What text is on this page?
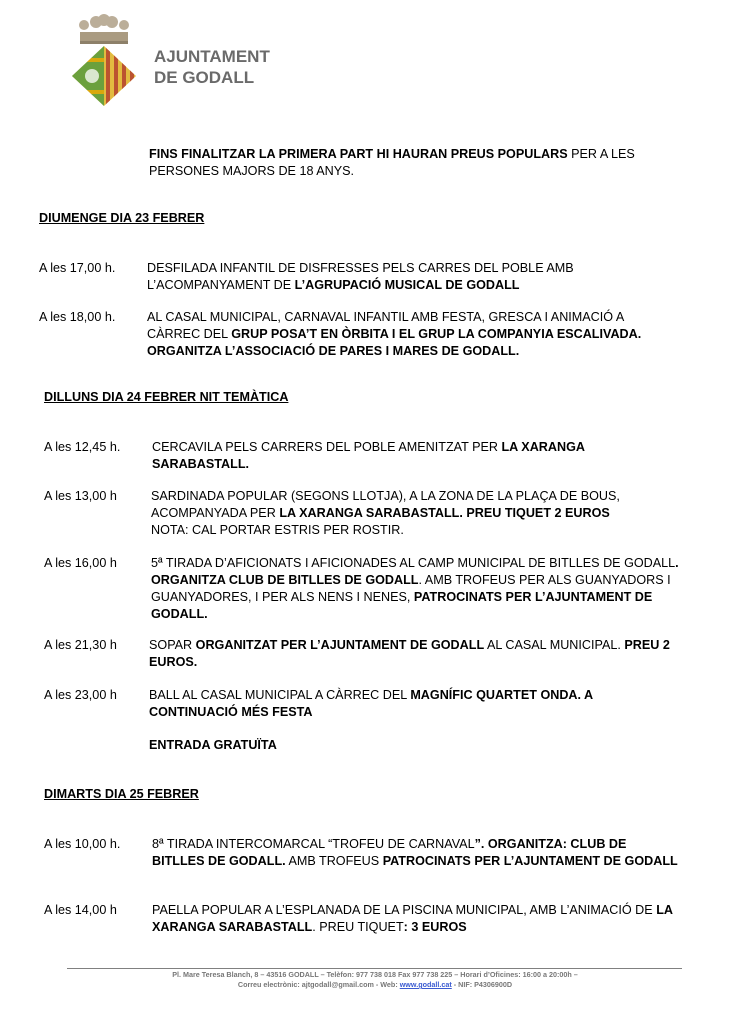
AJUNTAMENT
DE GODALL
FINS FINALITZAR LA PRIMERA PART HI HAURAN PREUS POPULARS PER A LES PERSONES MAJORS DE 18 ANYS.
DIUMENGE DIA 23 FEBRER
A les 17,00 h.	DESFILADA INFANTIL DE DISFRESSES PELS CARRES DEL POBLE AMB L’ACOMPANYAMENT DE L’AGRUPACIÓ MUSICAL DE GODALL
A les 18,00 h.	AL CASAL MUNICIPAL, CARNAVAL INFANTIL AMB FESTA, GRESCA I ANIMACIÓ A CÀRREC DEL GRUP POSA’T EN ÒRBITA I EL GRUP LA COMPANYIA ESCALIVADA. ORGANITZA L’ASSOCIACIÓ DE PARES I MARES DE GODALL.
DILLUNS DIA 24 FEBRER NIT TEMÀTICA
A les 12,45 h.	CERCAVILA PELS CARRERS DEL POBLE AMENITZAT PER LA XARANGA SARABASTALL.
A les 13,00 h	SARDINADA POPULAR (SEGONS LLOTJA), A LA ZONA DE LA PLAÇA DE BOUS, ACOMPANYADA PER LA XARANGA SARABASTALL. PREU TIQUET 2 EUROS
NOTA: CAL PORTAR ESTRIS PER ROSTIR.
A les 16,00 h	5ª TIRADA D’AFICIONATS I AFICIONADES AL CAMP MUNICIPAL DE BITLLES DE GODALL. ORGANITZA CLUB DE BITLLES DE GODALL. AMB TROFEUS PER ALS GUANYADORS I GUANYADORES, I PER ALS NENS I NENES, PATROCINATS PER L’AJUNTAMENT DE GODALL.
A les 21,30 h	SOPAR ORGANITZAT PER L’AJUNTAMENT DE GODALL AL CASAL MUNICIPAL. PREU 2 EUROS.
A les 23,00 h	BALL AL CASAL MUNICIPAL A CÀRREC DEL MAGNÍFIC QUARTET ONDA. A CONTINUACIÓ MÉS FESTA
ENTRADA GRATUÏTA
DIMARTS DIA 25 FEBRER
A les 10,00 h.	8ª TIRADA INTERCOMARCAL “TROFEU DE CARNAVAL”. ORGANITZA: CLUB DE BITLLES DE GODALL. AMB TROFEUS PATROCINATS PER L’AJUNTAMENT DE GODALL
A les 14,00 h	PAELLA POPULAR A L’ESPLANADA DE LA PISCINA MUNICIPAL, AMB L’ANIMACIÓ DE LA XARANGA SARABASTALL. PREU TIQUET: 3 EUROS
Pl. Mare Teresa Blanch, 8 – 43516 GODALL – Telèfon: 977 738 018 Fax 977 738 225 – Horari d’Oficines: 16:00 a 20:00h –
Correu electrònic: ajtgodall@gmail.com - Web: www.godall.cat - NIF: P4306900D
